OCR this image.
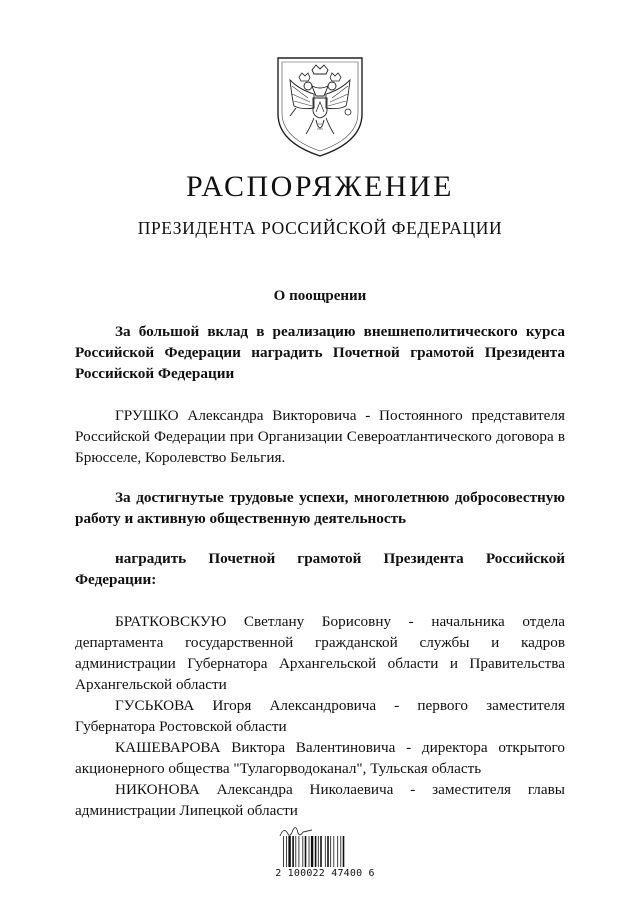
РАСПОРЯЖЕНИЕ
ПРЕЗИДЕНТА РОССИЙСКОЙ ФЕДЕРАЦИИ
О поощрении

За большой вклад в реализацию внешнеполитического курса Российской Федерации наградить Почетной грамотой Президента Российской Федерации

ГРУШКО Александра Викторовича - Постоянного представителя Российской Федерации при Организации Североатлантического договора в Брюсселе, Королевство Бельгия.

За достигнутые трудовые успехи, многолетнюю добросовестную работу и активную общественную деятельность

наградить Почетной грамотой Президента Российской Федерации:

БРАТКОВСКУЮ Светлану Борисовну - начальника отдела департамента государственной гражданской службы и кадров администрации Губернатора Архангельской области и Правительства Архангельской области

ГУСЬКОВА Игоря Александровича - первого заместителя Губернатора Ростовской области

КАШЕВАРОВА Виктора Валентиновича - директора открытого акционерного общества "Тулагорводоканал", Тульская область

НИКОНОВА Александра Николаевича - заместителя главы администрации Липецкой области

2 100022 47400 6
